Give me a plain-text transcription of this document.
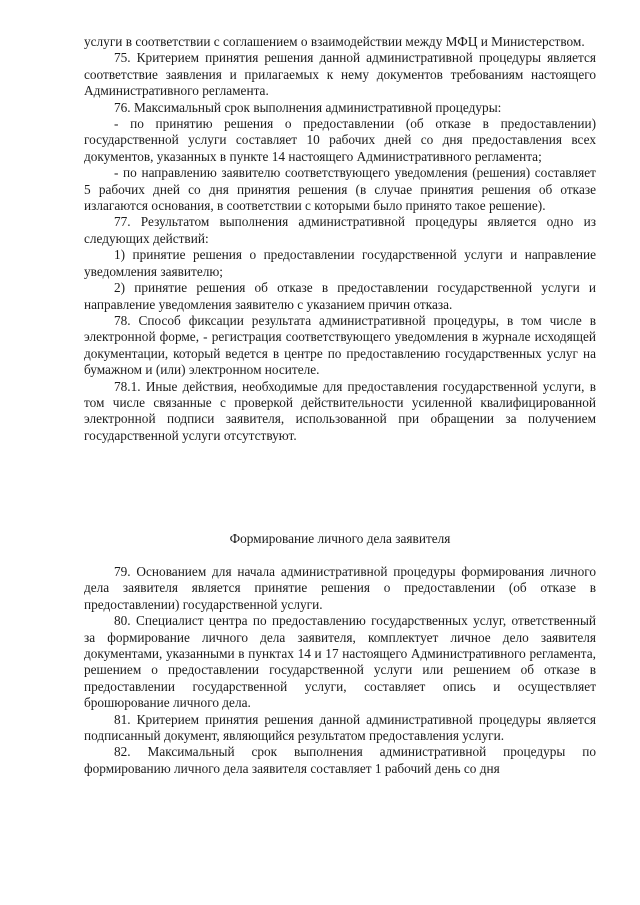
услуги в соответствии с соглашением о взаимодействии между МФЦ и Министерством.

75. Критерием принятия решения данной административной процедуры является соответствие заявления и прилагаемых к нему документов требованиям настоящего Административного регламента.

76. Максимальный срок выполнения административной процедуры:

- по принятию решения о предоставлении (об отказе в предоставлении) государственной услуги составляет 10 рабочих дней со дня предоставления всех документов, указанных в пункте 14 настоящего Административного регламента;

- по направлению заявителю соответствующего уведомления (решения) составляет 5 рабочих дней со дня принятия решения (в случае принятия решения об отказе излагаются основания, в соответствии с которыми было принято такое решение).

77. Результатом выполнения административной процедуры является одно из следующих действий:

1) принятие решения о предоставлении государственной услуги и направление уведомления заявителю;

2) принятие решения об отказе в предоставлении государственной услуги и направление уведомления заявителю с указанием причин отказа.

78. Способ фиксации результата административной процедуры, в том числе в электронной форме, - регистрация соответствующего уведомления в журнале исходящей документации, который ведется в центре по предоставлению государственных услуг на бумажном и (или) электронном носителе.

78.1. Иные действия, необходимые для предоставления государственной услуги, в том числе связанные с проверкой действительности усиленной квалифицированной электронной подписи заявителя, использованной при обращении за получением государственной услуги отсутствуют.

Формирование личного дела заявителя

79. Основанием для начала административной процедуры формирования личного дела заявителя является принятие решения о предоставлении (об отказе в предоставлении) государственной услуги.

80. Специалист центра по предоставлению государственных услуг, ответственный за формирование личного дела заявителя, комплектует личное дело заявителя документами, указанными в пунктах 14 и 17 настоящего Административного регламента, решением о предоставлении государственной услуги или решением об отказе в предоставлении государственной услуги, составляет опись и осуществляет брошюрование личного дела.

81. Критерием принятия решения данной административной процедуры является подписанный документ, являющийся результатом предоставления услуги.

82. Максимальный срок выполнения административной процедуры по формированию личного дела заявителя составляет 1 рабочий день со дня
